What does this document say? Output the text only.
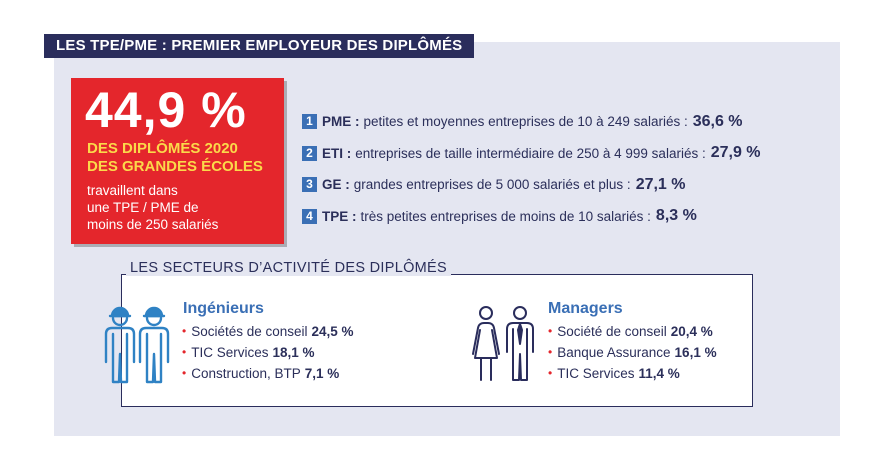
LES TPE/PME : PREMIER EMPLOYEUR DES DIPLÔMÉS
44,9 %
DES DIPLÔMÉS 2020
DES GRANDES ÉCOLES
travaillent dans
une TPE / PME de
moins de 250 salariés
1 PME : petites et moyennes entreprises de 10 à 249 salariés : 36,6 %
2 ETI : entreprises de taille intermédiaire de 250 à 4 999 salariés : 27,9 %
3 GE : grandes entreprises de 5 000 salariés et plus : 27,1 %
4 TPE : très petites entreprises de moins de 10 salariés : 8,3 %
LES SECTEURS D’ACTIVITÉ DES DIPLÔMÉS
Ingénieurs
• Sociétés de conseil 24,5 %
• TIC Services 18,1 %
• Construction, BTP 7,1 %
Managers
• Société de conseil 20,4 %
• Banque Assurance 16,1 %
• TIC Services 11,4 %
